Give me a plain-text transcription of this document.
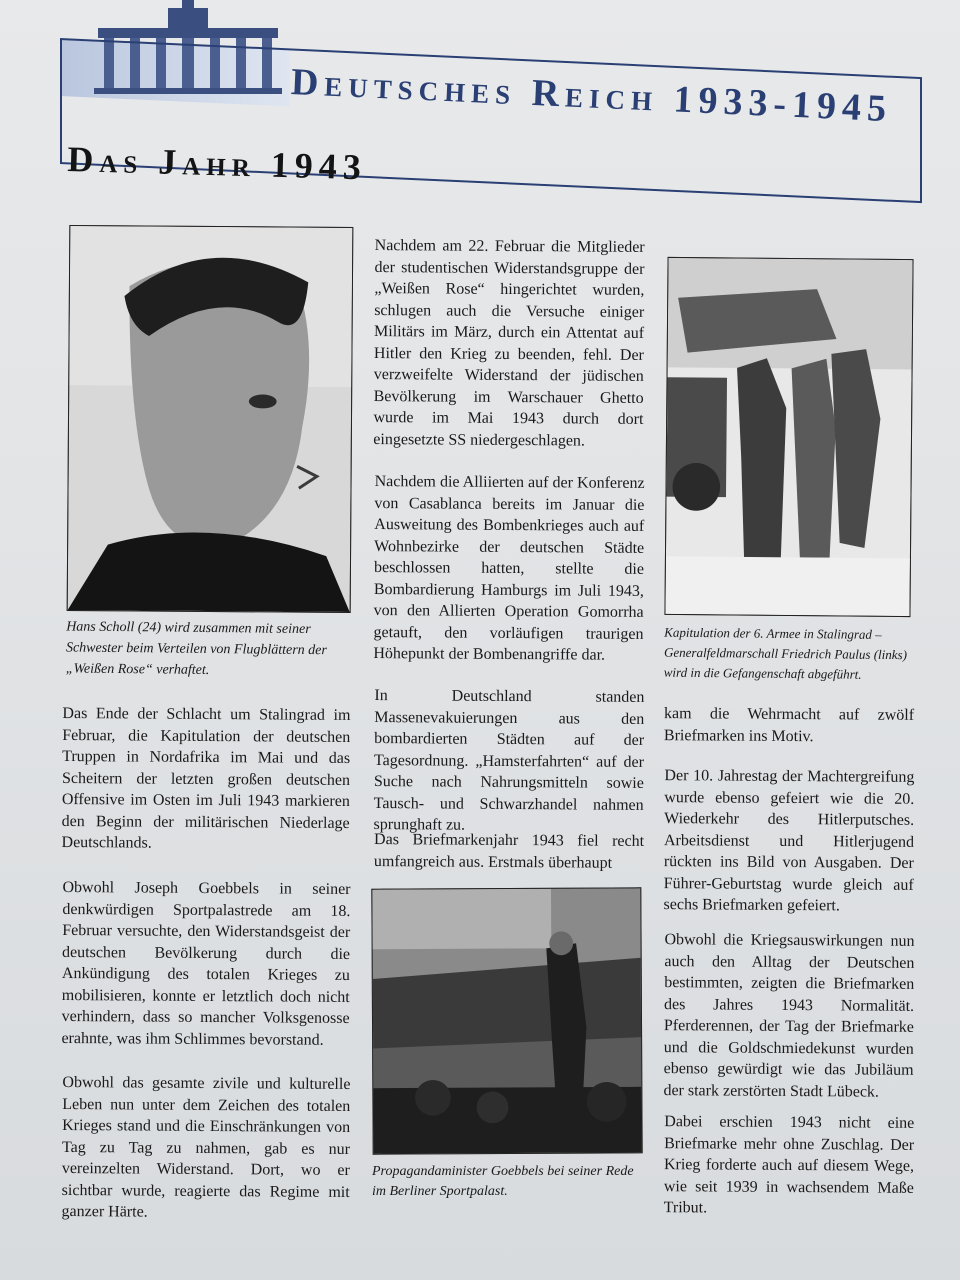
Deutsches Reich 1933-1945
Das Jahr 1943
Hans Scholl (24) wird zusammen mit seiner Schwester beim Verteilen von Flugblättern der „Weißen Rose“ verhaftet.
Kapitulation der 6. Armee in Stalingrad – Generalfeldmarschall Friedrich Paulus (links) wird in die Gefangenschaft abgeführt.
Propagandaminister Goebbels bei seiner Rede im Berliner Sportpalast.
Das Ende der Schlacht um Stalingrad im Februar, die Kapitulation der deutschen Truppen in Nordafrika im Mai und das Scheitern der letzten großen deutschen Offensive im Osten im Juli 1943 markieren den Beginn der militärischen Niederlage Deutschlands.
Obwohl Joseph Goebbels in seiner denkwürdigen Sportpalastrede am 18. Februar versuchte, den Widerstandsgeist der deutschen Bevölkerung durch die Ankündigung des totalen Krieges zu mobilisieren, konnte er letztlich doch nicht verhindern, dass so mancher Volksgenosse erahnte, was ihm Schlimmes bevorstand.
Obwohl das gesamte zivile und kulturelle Leben nun unter dem Zeichen des totalen Krieges stand und die Einschränkungen von Tag zu Tag zu nahmen, gab es nur vereinzelten Widerstand. Dort, wo er sichtbar wurde, reagierte das Regime mit ganzer Härte.
Nachdem am 22. Februar die Mitglieder der studentischen Widerstandsgruppe der „Weißen Rose“ hingerichtet wurden, schlugen auch die Versuche einiger Militärs im März, durch ein Attentat auf Hitler den Krieg zu beenden, fehl. Der verzweifelte Widerstand der jüdischen Bevölkerung im Warschauer Ghetto wurde im Mai 1943 durch dort eingesetzte SS niedergeschlagen.
Nachdem die Alliierten auf der Konferenz von Casablanca bereits im Januar die Ausweitung des Bombenkrieges auch auf Wohnbezirke der deutschen Städte beschlossen hatten, stellte die Bombardierung Hamburgs im Juli 1943, von den Allierten Operation Gomorrha getauft, den vorläufigen traurigen Höhepunkt der Bombenangriffe dar.
In Deutschland standen Massenevakuierungen aus den bombardierten Städten auf der Tagesordnung. „Hamsterfahrten“ auf der Suche nach Nahrungsmitteln sowie Tausch- und Schwarzhandel nahmen sprunghaft zu.
Das Briefmarkenjahr 1943 fiel recht umfangreich aus. Erstmals überhaupt
kam die Wehrmacht auf zwölf Briefmarken ins Motiv.
Der 10. Jahrestag der Machtergreifung wurde ebenso gefeiert wie die 20. Wiederkehr des Hitlerputsches. Arbeitsdienst und Hitlerjugend rückten ins Bild von Ausgaben. Der Führer-Geburtstag wurde gleich auf sechs Briefmarken gefeiert.
Obwohl die Kriegsauswirkungen nun auch den Alltag der Deutschen bestimmten, zeigten die Briefmarken des Jahres 1943 Normalität. Pferderennen, der Tag der Briefmarke und die Goldschmiedekunst wurden ebenso gewürdigt wie das Jubiläum der stark zerstörten Stadt Lübeck.
Dabei erschien 1943 nicht eine Briefmarke mehr ohne Zuschlag. Der Krieg forderte auch auf diesem Wege, wie seit 1939 in wachsendem Maße Tribut.
